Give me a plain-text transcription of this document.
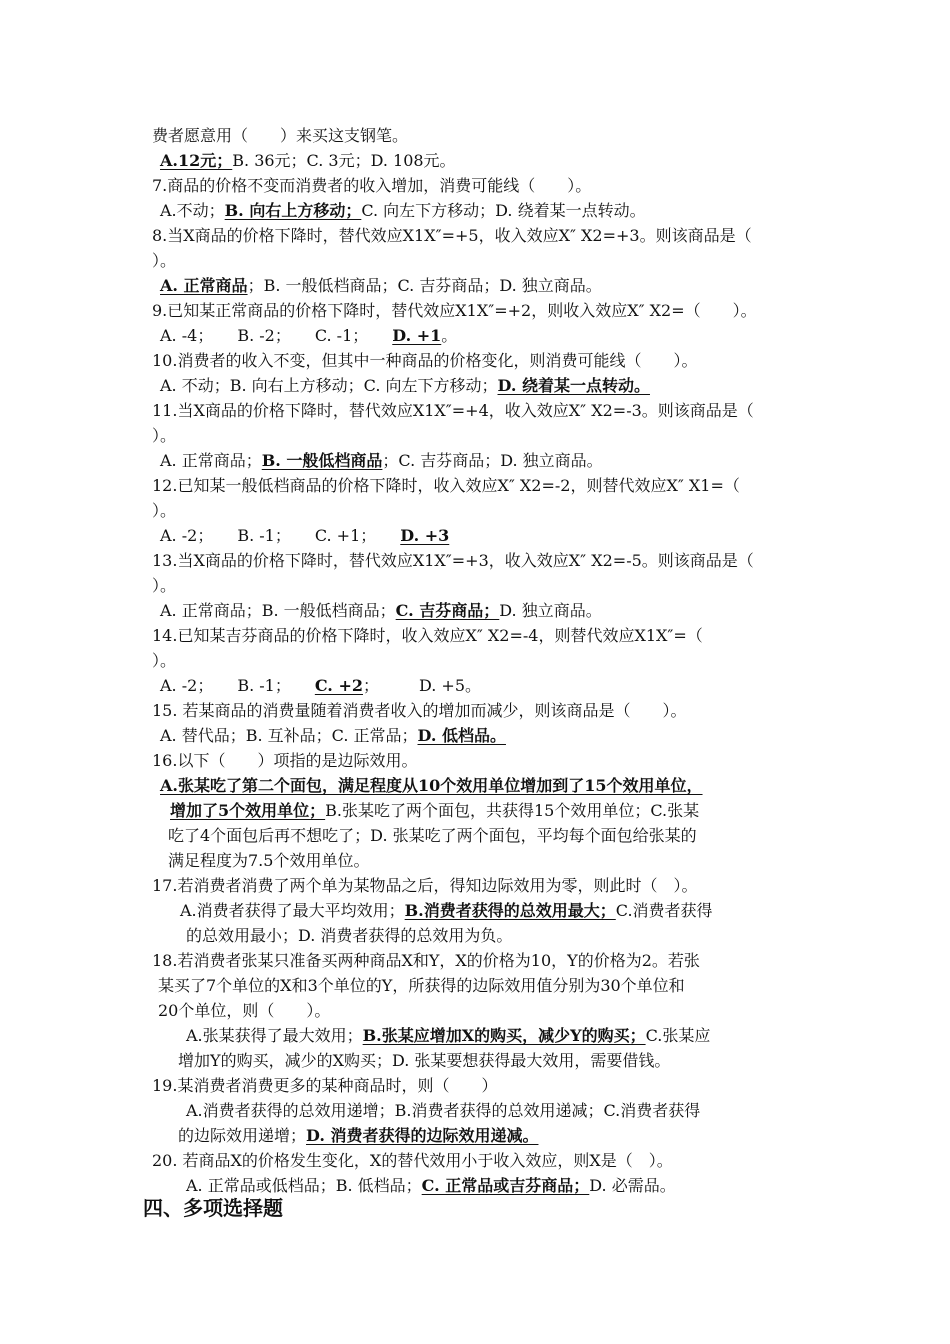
费者愿意用（　　）来买这支钢笔。
A.12元；B. 36元；C. 3元；D. 108元。
7.商品的价格不变而消费者的收入增加，消费可能线（　　）。
A.不动；B. 向右上方移动；C. 向左下方移动；D. 绕着某一点转动。
8.当X商品的价格下降时，替代效应X1X″=+5，收入效应X″ X2=+3。则该商品是（
）。
A. 正常商品；B. 一般低档商品；C. 吉芬商品；D. 独立商品。
9.已知某正常商品的价格下降时，替代效应X1X″=+2，则收入效应X″ X2=（　　）。
A. -4；　　B. -2；　　C. -1；　　D. +1。
10.消费者的收入不变，但其中一种商品的价格变化，则消费可能线（　　）。
A. 不动；B. 向右上方移动；C. 向左下方移动；D. 绕着某一点转动。
11.当X商品的价格下降时，替代效应X1X″=+4，收入效应X″ X2=-3。则该商品是（
）。
A. 正常商品；B. 一般低档商品；C. 吉芬商品；D. 独立商品。
12.已知某一般低档商品的价格下降时，收入效应X″ X2=-2，则替代效应X″ X1=（
）。
A. -2；　　B. -1；　　C. +1；　　D. +3
13.当X商品的价格下降时，替代效应X1X″=+3，收入效应X″ X2=-5。则该商品是（
）。
A. 正常商品；B. 一般低档商品；C. 吉芬商品；D. 独立商品。
14.已知某吉芬商品的价格下降时，收入效应X″ X2=-4，则替代效应X1X″=（
）。
A. -2；　　B. -1；　　C. +2；　　　D. +5。
15. 若某商品的消费量随着消费者收入的增加而减少，则该商品是（　　）。
A. 替代品；B. 互补品；C. 正常品；D. 低档品。
16.以下（　　）项指的是边际效用。
A.张某吃了第二个面包，满足程度从10个效用单位增加到了15个效用单位，
增加了5个效用单位；B.张某吃了两个面包，共获得15个效用单位；C.张某
吃了4个面包后再不想吃了；D. 张某吃了两个面包，平均每个面包给张某的
满足程度为7.5个效用单位。
17.若消费者消费了两个单为某物品之后，得知边际效用为零，则此时（　）。
A.消费者获得了最大平均效用；B.消费者获得的总效用最大；C.消费者获得
的总效用最小；D. 消费者获得的总效用为负。
18.若消费者张某只准备买两种商品X和Y，X的价格为10，Y的价格为2。若张
某买了7个单位的X和3个单位的Y，所获得的边际效用值分别为30个单位和
20个单位，则（　　）。
A.张某获得了最大效用；B.张某应增加X的购买，减少Y的购买；C.张某应
增加Y的购买，减少的X购买；D. 张某要想获得最大效用，需要借钱。
19.某消费者消费更多的某种商品时，则（　　）
A.消费者获得的总效用递增；B.消费者获得的总效用递减；C.消费者获得
的边际效用递增；D. 消费者获得的边际效用递减。
20. 若商品X的价格发生变化，X的替代效用小于收入效应，则X是（　）。
A. 正常品或低档品；B. 低档品；C. 正常品或吉芬商品；D. 必需品。
四、多项选择题
